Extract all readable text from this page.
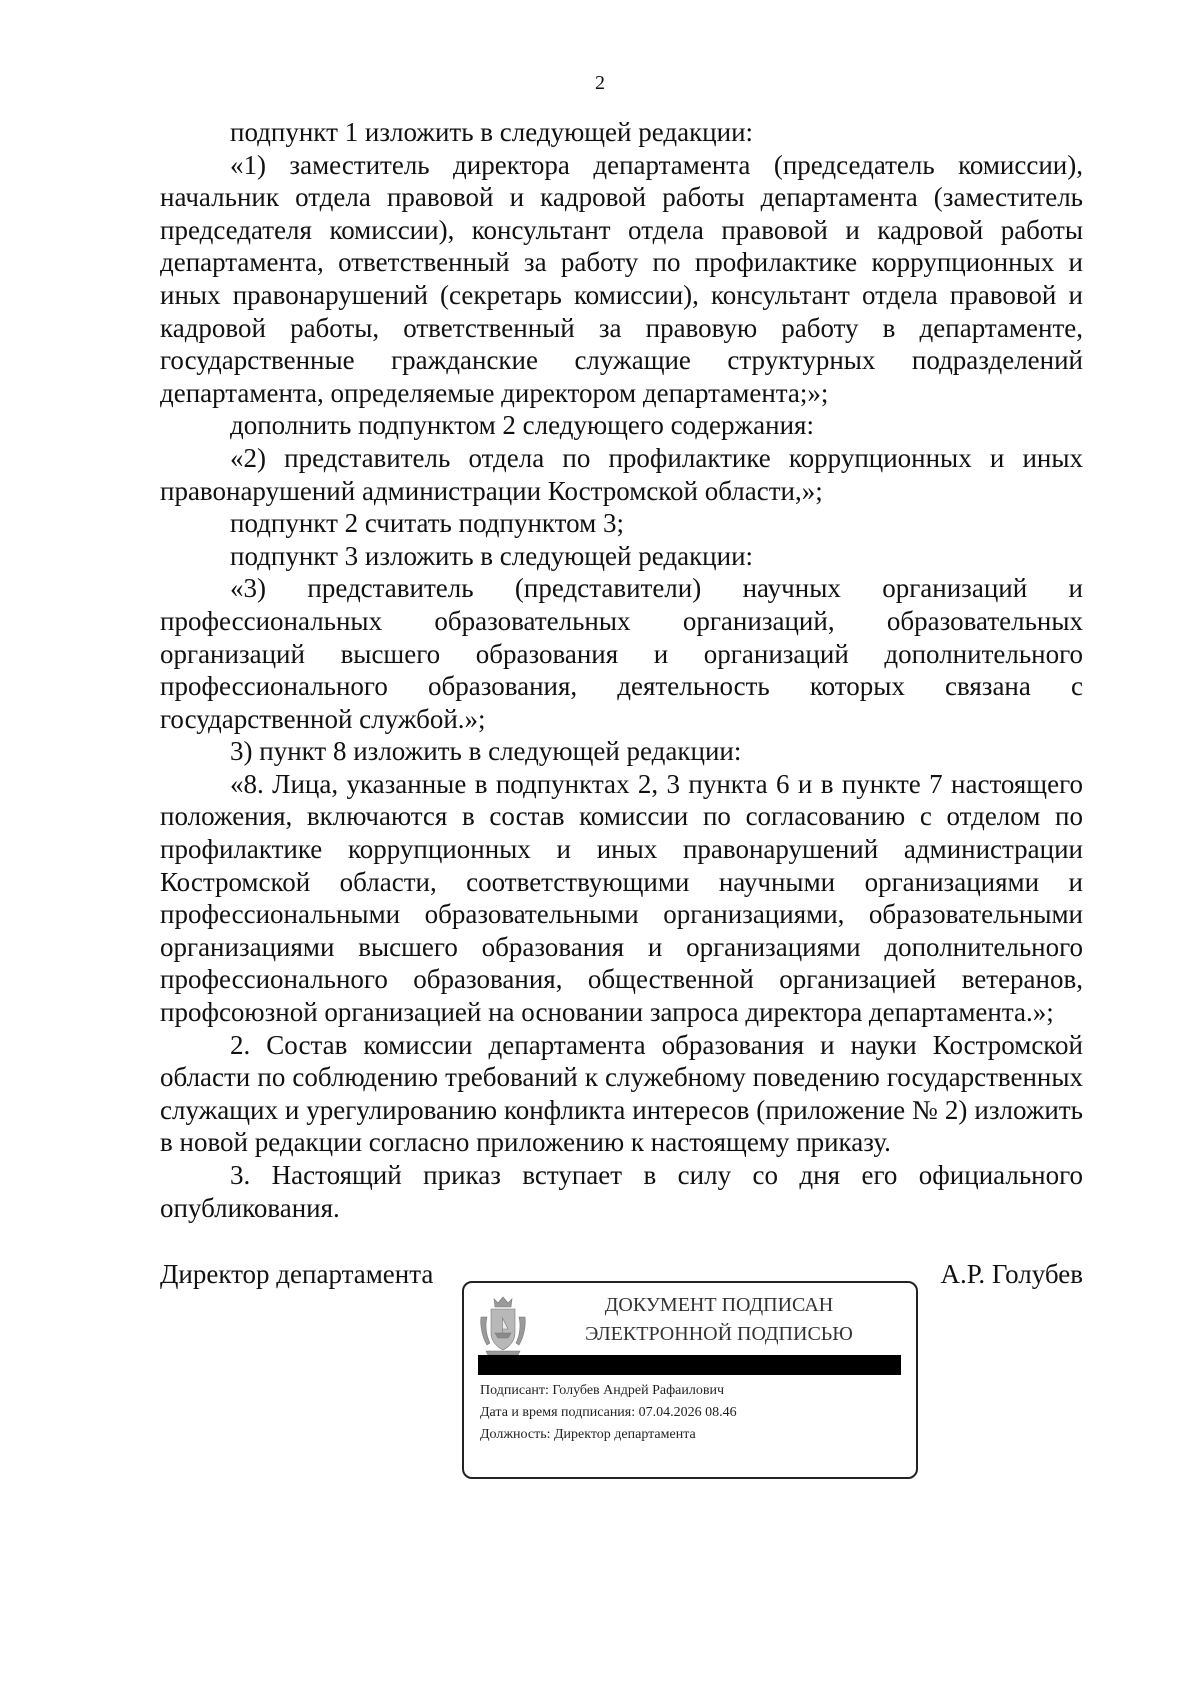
2

подпункт 1 изложить в следующей редакции:

«1) заместитель директора департамента (председатель комиссии), начальник отдела правовой и кадровой работы департамента (заместитель председателя комиссии), консультант отдела правовой и кадровой работы департамента, ответственный за работу по профилактике коррупционных и иных правонарушений (секретарь комиссии), консультант отдела правовой и кадровой работы, ответственный за правовую работу в департаменте, государственные гражданские служащие структурных подразделений департамента, определяемые директором департамента;»;

дополнить подпунктом 2 следующего содержания:

«2) представитель отдела по профилактике коррупционных и иных правонарушений администрации Костромской области,»;

подпункт 2 считать подпунктом 3;

подпункт 3 изложить в следующей редакции:

«3) представитель (представители) научных организаций и профессиональных образовательных организаций, образовательных организаций высшего образования и организаций дополнительного профессионального образования, деятельность которых связана с государственной службой.»;

3) пункт 8 изложить в следующей редакции:

«8. Лица, указанные в подпунктах 2, 3 пункта 6 и в пункте 7 настоящего положения, включаются в состав комиссии по согласованию с отделом по профилактике коррупционных и иных правонарушений администрации Костромской области, соответствующими научными организациями и профессиональными образовательными организациями, образовательными организациями высшего образования и организациями дополнительного профессионального образования, общественной организацией ветеранов, профсоюзной организацией на основании запроса директора департамента.»;

2. Состав комиссии департамента образования и науки Костромской области по соблюдению требований к служебному поведению государственных служащих и урегулированию конфликта интересов (приложение № 2) изложить в новой редакции согласно приложению к настоящему приказу.

3. Настоящий приказ вступает в силу со дня его официального опубликования.

Директор департамента	А.Р. Голубев
ДОКУМЕНТ ПОДПИСАН
ЭЛЕКТРОННОЙ ПОДПИСЬЮ
Подписант: Голубев Андрей Рафаилович
Дата и время подписания: 07.04.2026 08.46
Должность: Директор департамента
